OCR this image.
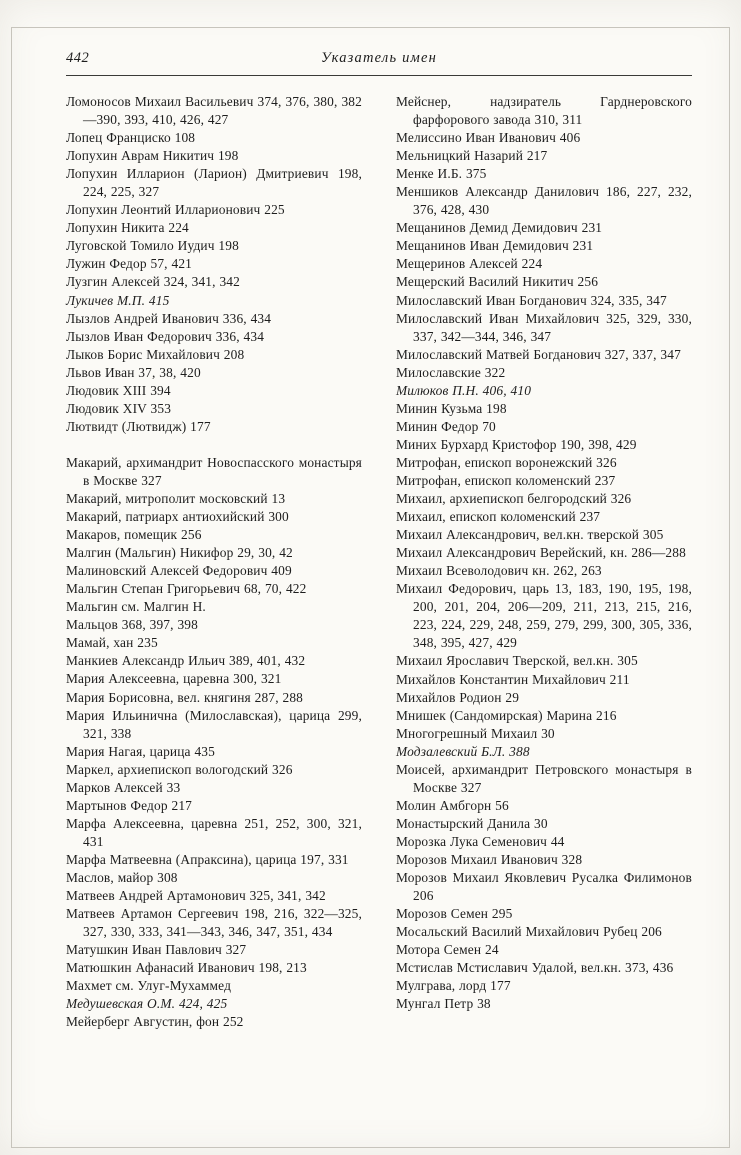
442	Указатель имен
Ломоносов Михаил Васильевич 374, 376, 380, 382—390, 393, 410, 426, 427
Лопец Франциско 108
Лопухин Аврам Никитич 198
Лопухин Илларион (Ларион) Дмитриевич 198, 224, 225, 327
Лопухин Леонтий Илларионович 225
Лопухин Никита 224
Луговской Томило Иудич 198
Лужин Федор 57, 421
Лузгин Алексей 324, 341, 342
Лукичев М.П. 415
Лызлов Андрей Иванович 336, 434
Лызлов Иван Федорович 336, 434
Лыков Борис Михайлович 208
Львов Иван 37, 38, 420
Людовик XIII 394
Людовик XIV 353
Лютвидт (Лютвидж) 177
Макарий, архимандрит Новоспасского монастыря в Москве 327
Макарий, митрополит московский 13
Макарий, патриарх антиохийский 300
Макаров, помещик 256
Малгин (Мальгин) Никифор 29, 30, 42
Малиновский Алексей Федорович 409
Мальгин Степан Григорьевич 68, 70, 422
Мальгин см. Малгин Н.
Мальцов 368, 397, 398
Мамай, хан 235
Манкиев Александр Ильич 389, 401, 432
Мария Алексеевна, царевна 300, 321
Мария Борисовна, вел. княгиня 287, 288
Мария Ильинична (Милославская), царица 299, 321, 338
Мария Нагая, царица 435
Маркел, архиепископ вологодский 326
Марков Алексей 33
Мартынов Федор 217
Марфа Алексеевна, царевна 251, 252, 300, 321, 431
Марфа Матвеевна (Апраксина), царица 197, 331
Маслов, майор 308
Матвеев Андрей Артамонович 325, 341, 342
Матвеев Артамон Сергеевич 198, 216, 322—325, 327, 330, 333, 341—343, 346, 347, 351, 434
Матушкин Иван Павлович 327
Матюшкин Афанасий Иванович 198, 213
Махмет см. Улуг-Мухаммед
Медушевская О.М. 424, 425
Мейерберг Августин, фон 252
Мейснер, надзиратель Гарднеровского фарфорового завода 310, 311
Мелиссино Иван Иванович 406
Мельницкий Назарий 217
Менке И.Б. 375
Меншиков Александр Данилович 186, 227, 232, 376, 428, 430
Мещанинов Демид Демидович 231
Мещанинов Иван Демидович 231
Мещеринов Алексей 224
Мещерский Василий Никитич 256
Милославский Иван Богданович 324, 335, 347
Милославский Иван Михайлович 325, 329, 330, 337, 342—344, 346, 347
Милославский Матвей Богданович 327, 337, 347
Милославские 322
Милюков П.Н. 406, 410
Минин Кузьма 198
Минин Федор 70
Миних Бурхард Кристофор 190, 398, 429
Митрофан, епископ воронежский 326
Митрофан, епископ коломенский 237
Михаил, архиепископ белгородский 326
Михаил, епископ коломенский 237
Михаил Александрович, вел.кн. тверской 305
Михаил Александрович Верейский, кн. 286—288
Михаил Всеволодович кн. 262, 263
Михаил Федорович, царь 13, 183, 190, 195, 198, 200, 201, 204, 206—209, 211, 213, 215, 216, 223, 224, 229, 248, 259, 279, 299, 300, 305, 336, 348, 395, 427, 429
Михаил Ярославич Тверской, вел.кн. 305
Михайлов Константин Михайлович 211
Михайлов Родион 29
Мнишек (Сандомирская) Марина 216
Многогрешный Михаил 30
Модзалевский Б.Л. 388
Моисей, архимандрит Петровского монастыря в Москве 327
Молин Амбгорн 56
Монастырский Данила 30
Морозка Лука Семенович 44
Морозов Михаил Иванович 328
Морозов Михаил Яковлевич Русалка Филимонов 206
Морозов Семен 295
Мосальский Василий Михайлович Рубец 206
Мотора Семен 24
Мстислав Мстиславич Удалой, вел.кн. 373, 436
Мулграва, лорд 177
Мунгал Петр 38
